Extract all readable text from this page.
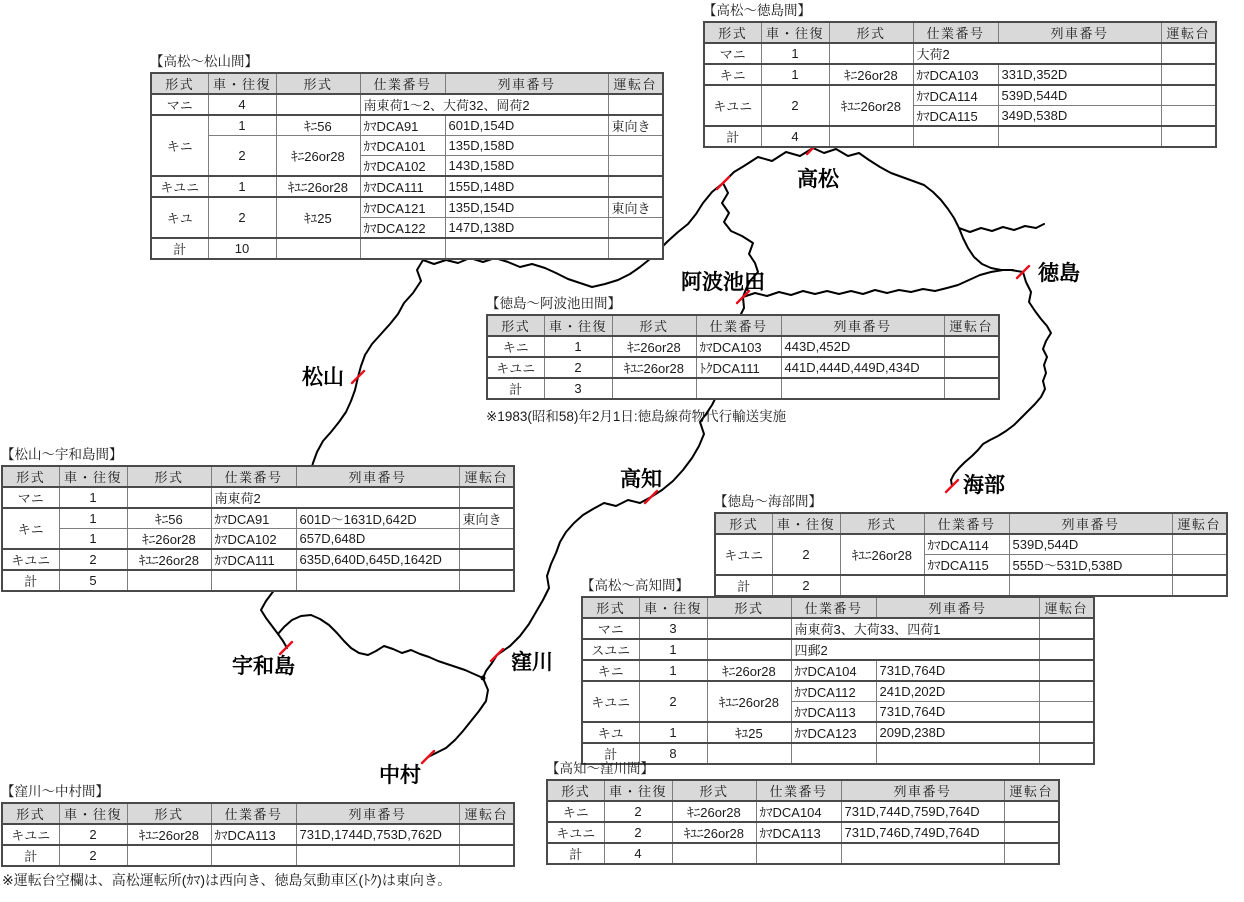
高松
徳島
阿波池田
松山
高知	海部
宇和島	窪川
中村
【高松～松山間】
形式	車・往復	形式	仕業番号	列車番号	運転台
マニ	4		南東荷1～2、大荷32、岡荷2		
キニ	1	ｷﾆ56	ｶﾏDCA91	601D,154D	東向き
	2	ｷﾆ26or28	ｶﾏDCA101	135D,158D	
			ｶﾏDCA102	143D,158D	
キユニ	1	ｷﾕﾆ26or28	ｶﾏDCA111	155D,148D	
キユ	2	ｷﾕ25	ｶﾏDCA121	135D,154D	東向き
			ｶﾏDCA122	147D,138D	
計	10				
【高松～徳島間】
形式	車・往復	形式	仕業番号	列車番号	運転台
マニ	1		大荷2		
キニ	1	ｷﾆ26or28	ｶﾏDCA103	331D,352D	
キユニ	2	ｷﾕﾆ26or28	ｶﾏDCA114	539D,544D	
			ｶﾏDCA115	349D,538D	
計	4				
【徳島～阿波池田間】
形式	車・往復	形式	仕業番号	列車番号	運転台
キニ	1	ｷﾆ26or28	ｶﾏDCA103	443D,452D	
キユニ	2	ｷﾕﾆ26or28	ﾄｸDCA111	441D,444D,449D,434D	
計	3				
※1983(昭和58)年2月1日:徳島線荷物代行輸送実施
【松山～宇和島間】
形式	車・往復	形式	仕業番号	列車番号	運転台
マニ	1		南東荷2		
キニ	1	ｷﾆ56	ｶﾏDCA91	601D～1631D,642D	東向き
	1	ｷﾆ26or28	ｶﾏDCA102	657D,648D	
キユニ	2	ｷﾕﾆ26or28	ｶﾏDCA111	635D,640D,645D,1642D	
計	5				
【徳島～海部間】
形式	車・往復	形式	仕業番号	列車番号	運転台
キユニ	2	ｷﾕﾆ26or28	ｶﾏDCA114	539D,544D	
			ｶﾏDCA115	555D～531D,538D	
計	2				
【高松～高知間】
形式	車・往復	形式	仕業番号	列車番号	運転台
マニ	3		南東荷3、大荷33、四荷1		
スユニ	1		四郵2		
キニ	1	ｷﾆ26or28	ｶﾏDCA104	731D,764D	
キユニ	2	ｷﾕﾆ26or28	ｶﾏDCA112	241D,202D	
			ｶﾏDCA113	731D,764D	
キユ	1	ｷﾕ25	ｶﾏDCA123	209D,238D	
計	8				
【高知～窪川間】
形式	車・往復	形式	仕業番号	列車番号	運転台
キニ	2	ｷﾆ26or28	ｶﾏDCA104	731D,744D,759D,764D	
キユニ	2	ｷﾕﾆ26or28	ｶﾏDCA113	731D,746D,749D,764D	
計	4				
【窪川～中村間】
形式	車・往復	形式	仕業番号	列車番号	運転台
キユニ	2	ｷﾕﾆ26or28	ｶﾏDCA113	731D,1744D,753D,762D	
計	2				
※運転台空欄は、高松運転所(ｶﾏ)は西向き、徳島気動車区(ﾄｸ)は東向き。
